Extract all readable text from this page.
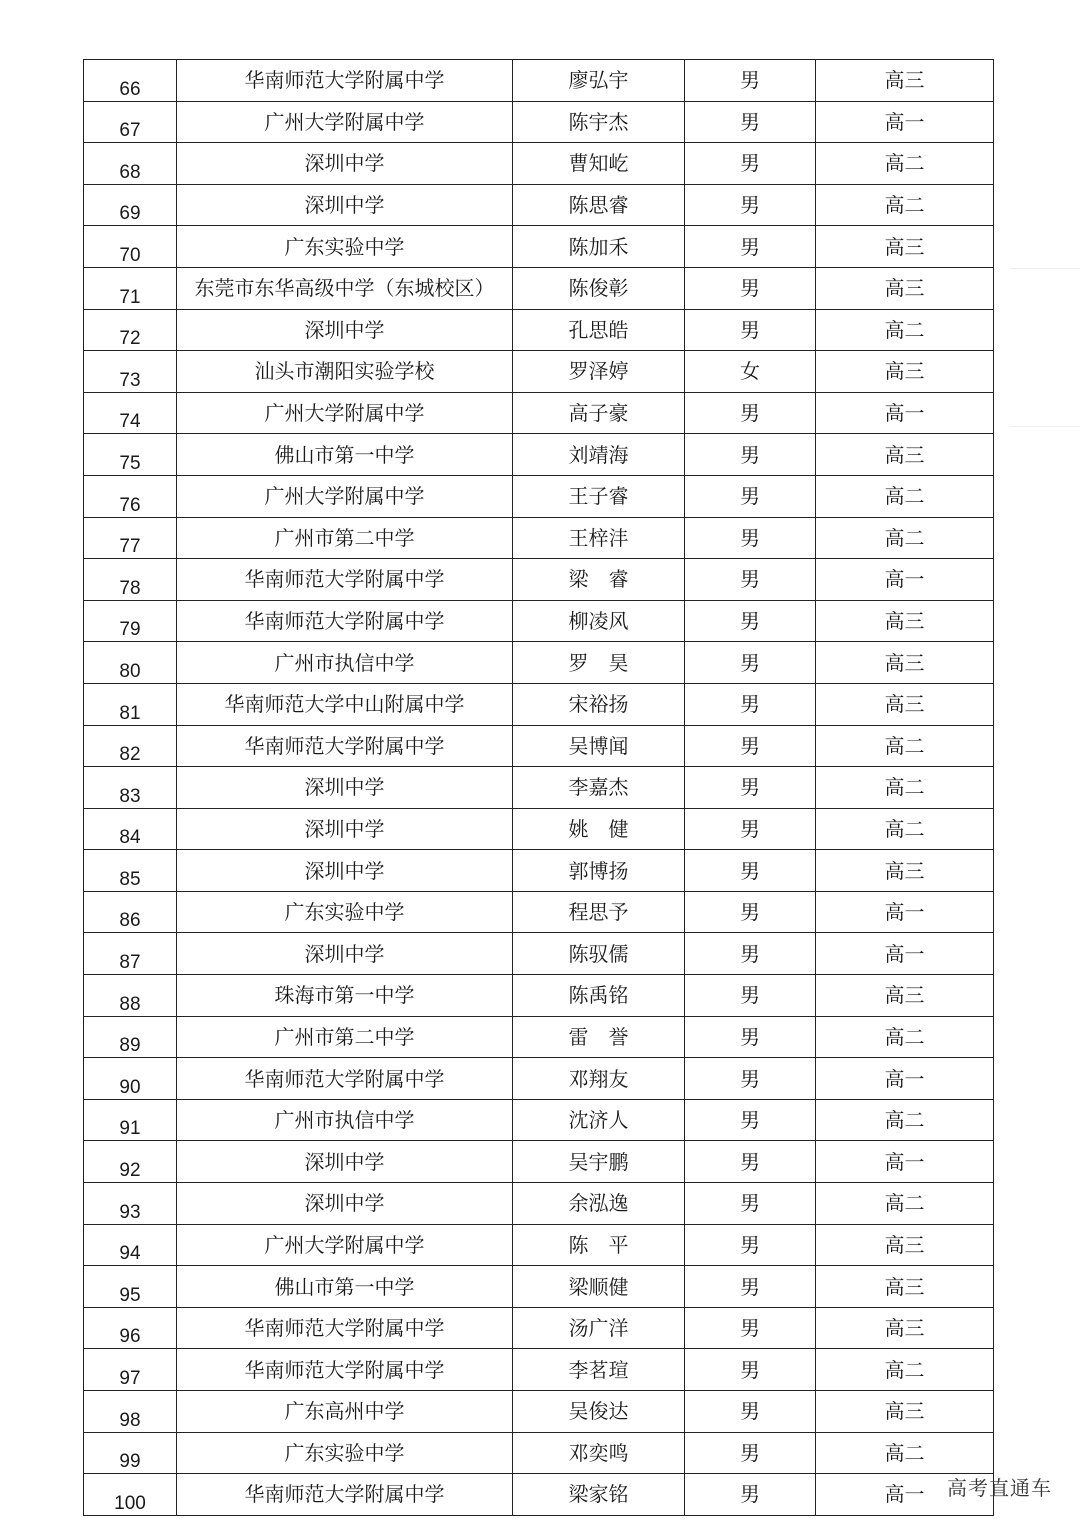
66	华南师范大学附属中学	廖弘宇	男	高三
67	广州大学附属中学	陈宇杰	男	高一
68	深圳中学	曹知屹	男	高二
69	深圳中学	陈思睿	男	高二
70	广东实验中学	陈加禾	男	高三
71	东莞市东华高级中学（东城校区）	陈俊彰	男	高三
72	深圳中学	孔思皓	男	高二
73	汕头市潮阳实验学校	罗泽婷	女	高三
74	广州大学附属中学	高子豪	男	高一
75	佛山市第一中学	刘靖海	男	高三
76	广州大学附属中学	王子睿	男	高二
77	广州市第二中学	王梓沣	男	高二
78	华南师范大学附属中学	梁　睿	男	高一
79	华南师范大学附属中学	柳凌风	男	高三
80	广州市执信中学	罗　昊	男	高三
81	华南师范大学中山附属中学	宋裕扬	男	高三
82	华南师范大学附属中学	吴博闻	男	高二
83	深圳中学	李嘉杰	男	高二
84	深圳中学	姚　健	男	高二
85	深圳中学	郭博扬	男	高三
86	广东实验中学	程思予	男	高一
87	深圳中学	陈驭儒	男	高一
88	珠海市第一中学	陈禹铭	男	高三
89	广州市第二中学	雷　誉	男	高二
90	华南师范大学附属中学	邓翔友	男	高一
91	广州市执信中学	沈济人	男	高二
92	深圳中学	吴宇鹏	男	高一
93	深圳中学	余泓逸	男	高二
94	广州大学附属中学	陈　平	男	高三
95	佛山市第一中学	梁顺健	男	高三
96	华南师范大学附属中学	汤广洋	男	高三
97	华南师范大学附属中学	李茗瑄	男	高二
98	广东高州中学	吴俊达	男	高三
99	广东实验中学	邓奕鸣	男	高二
100	华南师范大学附属中学	梁家铭	男	高一 高考直通车
